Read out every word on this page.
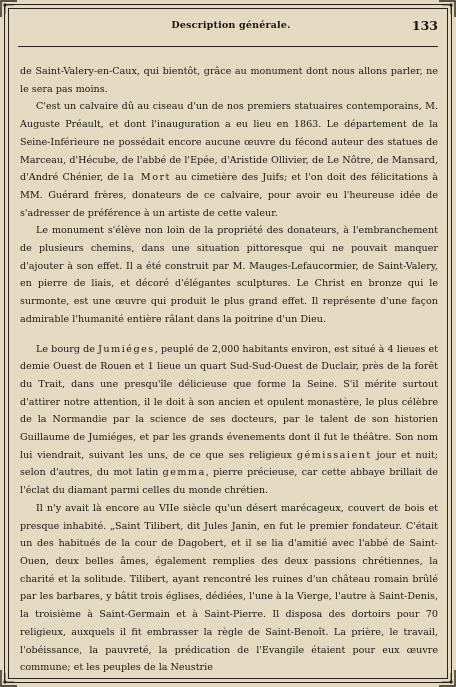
Description générale.	133

de Saint-Valery-en-Caux, qui bientôt, grâce au monument dont nous allons parler, ne le sera pas moins.

C'est un calvaire dû au ciseau d'un de nos premiers statuaires contemporains, M. Auguste Préault, et dont l'inauguration a eu lieu en 1863. Le département de la Seine-Inférieure ne possédait encore aucune œuvre du fécond auteur des statues de Marceau, d'Hécube, de l'abbé de l'Epée, d'Aristide Ollivier, de Le Nôtre, de Mansard, d'André Chénier, de la Mort au cimetière des Juifs; et l'on doit des félicitations à MM. Guérard frères, donateurs de ce calvaire, pour avoir eu l'heureuse idée de s'adresser de préférence à un artiste de cette valeur.

Le monument s'élève non loin de la propriété des donateurs, à l'embranchement de plusieurs chemins, dans une situation pittoresque qui ne pouvait manquer d'ajouter à son effet. Il a été construit par M. Mauges-Lefaucormier, de Saint-Valery, en pierre de liais, et décoré d'élégantes sculptures. Le Christ en bronze qui le surmonte, est une œuvre qui produit le plus grand effet. Il représente d'une façon admirable l'humanité entière râlant dans la poitrine d'un Dieu.

Le bourg de Jumiéges, peuplé de 2,000 habitants environ, est situé à 4 lieues et demie Ouest de Rouen et 1 lieue un quart Sud-Sud-Ouest de Duclair, près de la forêt du Trait, dans une presqu'île délicieuse que forme la Seine. S'il mérite surtout d'attirer notre attention, il le doit à son ancien et opulent monastère, le plus célèbre de la Normandie par la science de ses docteurs, par le talent de son historien Guillaume de Jumiéges, et par les grands évenements dont il fut le théâtre. Son nom lui viendrait, suivant les uns, de ce que ses religieux gémissaient jour et nuit; selon d'autres, du mot latin gemma, pierre précieuse, car cette abbaye brillait de l'éclat du diamant parmi celles du monde chrétien.

Il n'y avait là encore au VIIe siècle qu'un désert marécageux, couvert de bois et presque inhabité. „Saint Tilibert, dit Jules Janin, en fut le premier fondateur. C'était un des habitués de la cour de Dagobert, et il se lia d'amitié avec l'abbé de Saint-Ouen, deux belles âmes, également remplies des deux passions chrétiennes, la charité et la solitude. Tilibert, ayant rencontré les ruines d'un château romain brûlé par les barbares, y bâtit trois églises, dédiées, l'une à la Vierge, l'autre à Saint-Denis, la troisième à Saint-Germain et à Saint-Pierre. Il disposa des dortoirs pour 70 religieux, auxquels il fit embrasser la règle de Saint-Benoît. La prière, le travail, l'obéissance, la pauvreté, la prédication de l'Evangile étaient pour eux œuvre commune; et les peuples de la Neustrie
